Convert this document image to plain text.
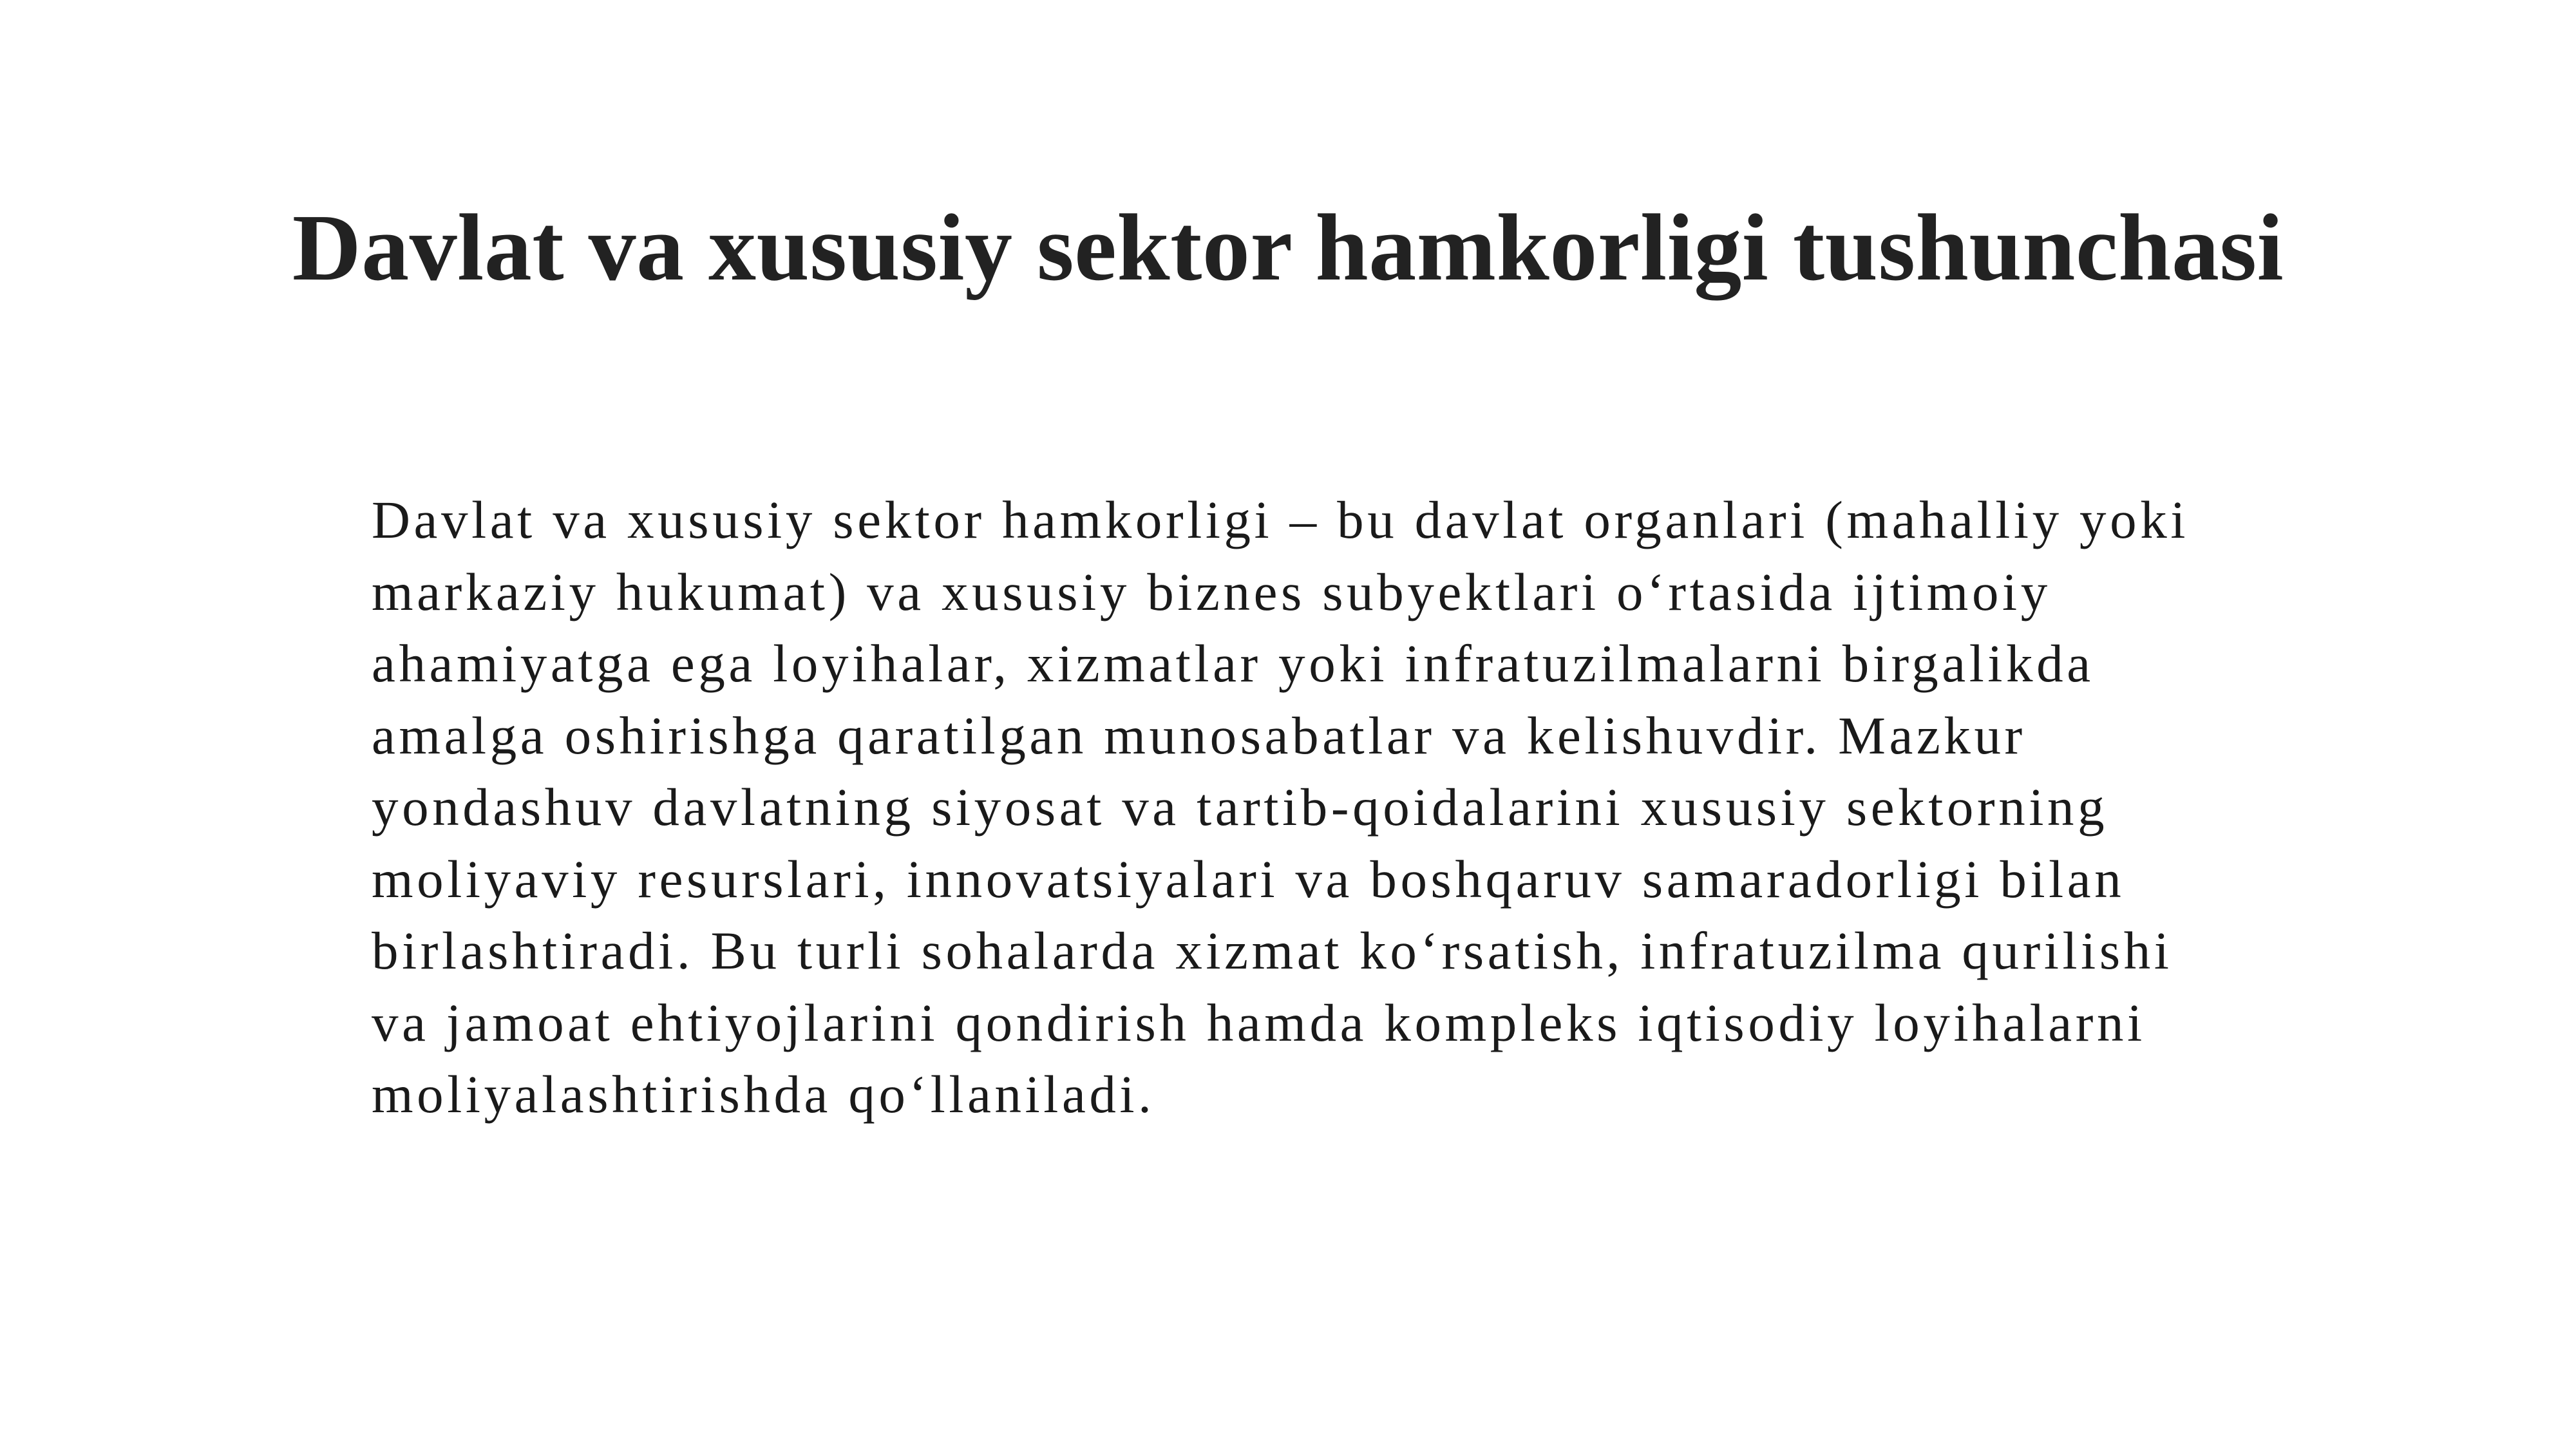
Davlat va xususiy sektor hamkorligi tushunchasi
Davlat va xususiy sektor hamkorligi – bu davlat organlari (mahalliy yoki
markaziy hukumat) va xususiy biznes subyektlari o‘rtasida ijtimoiy
ahamiyatga ega loyihalar, xizmatlar yoki infratuzilmalarni birgalikda
amalga oshirishga qaratilgan munosabatlar va kelishuvdir. Mazkur
yondashuv davlatning siyosat va tartib-qoidalarini xususiy sektorning
moliyaviy resurslari, innovatsiyalari va boshqaruv samaradorligi bilan
birlashtiradi. Bu turli sohalarda xizmat ko‘rsatish, infratuzilma qurilishi
va jamoat ehtiyojlarini qondirish hamda kompleks iqtisodiy loyihalarni
moliyalashtirishda qo‘llaniladi.
